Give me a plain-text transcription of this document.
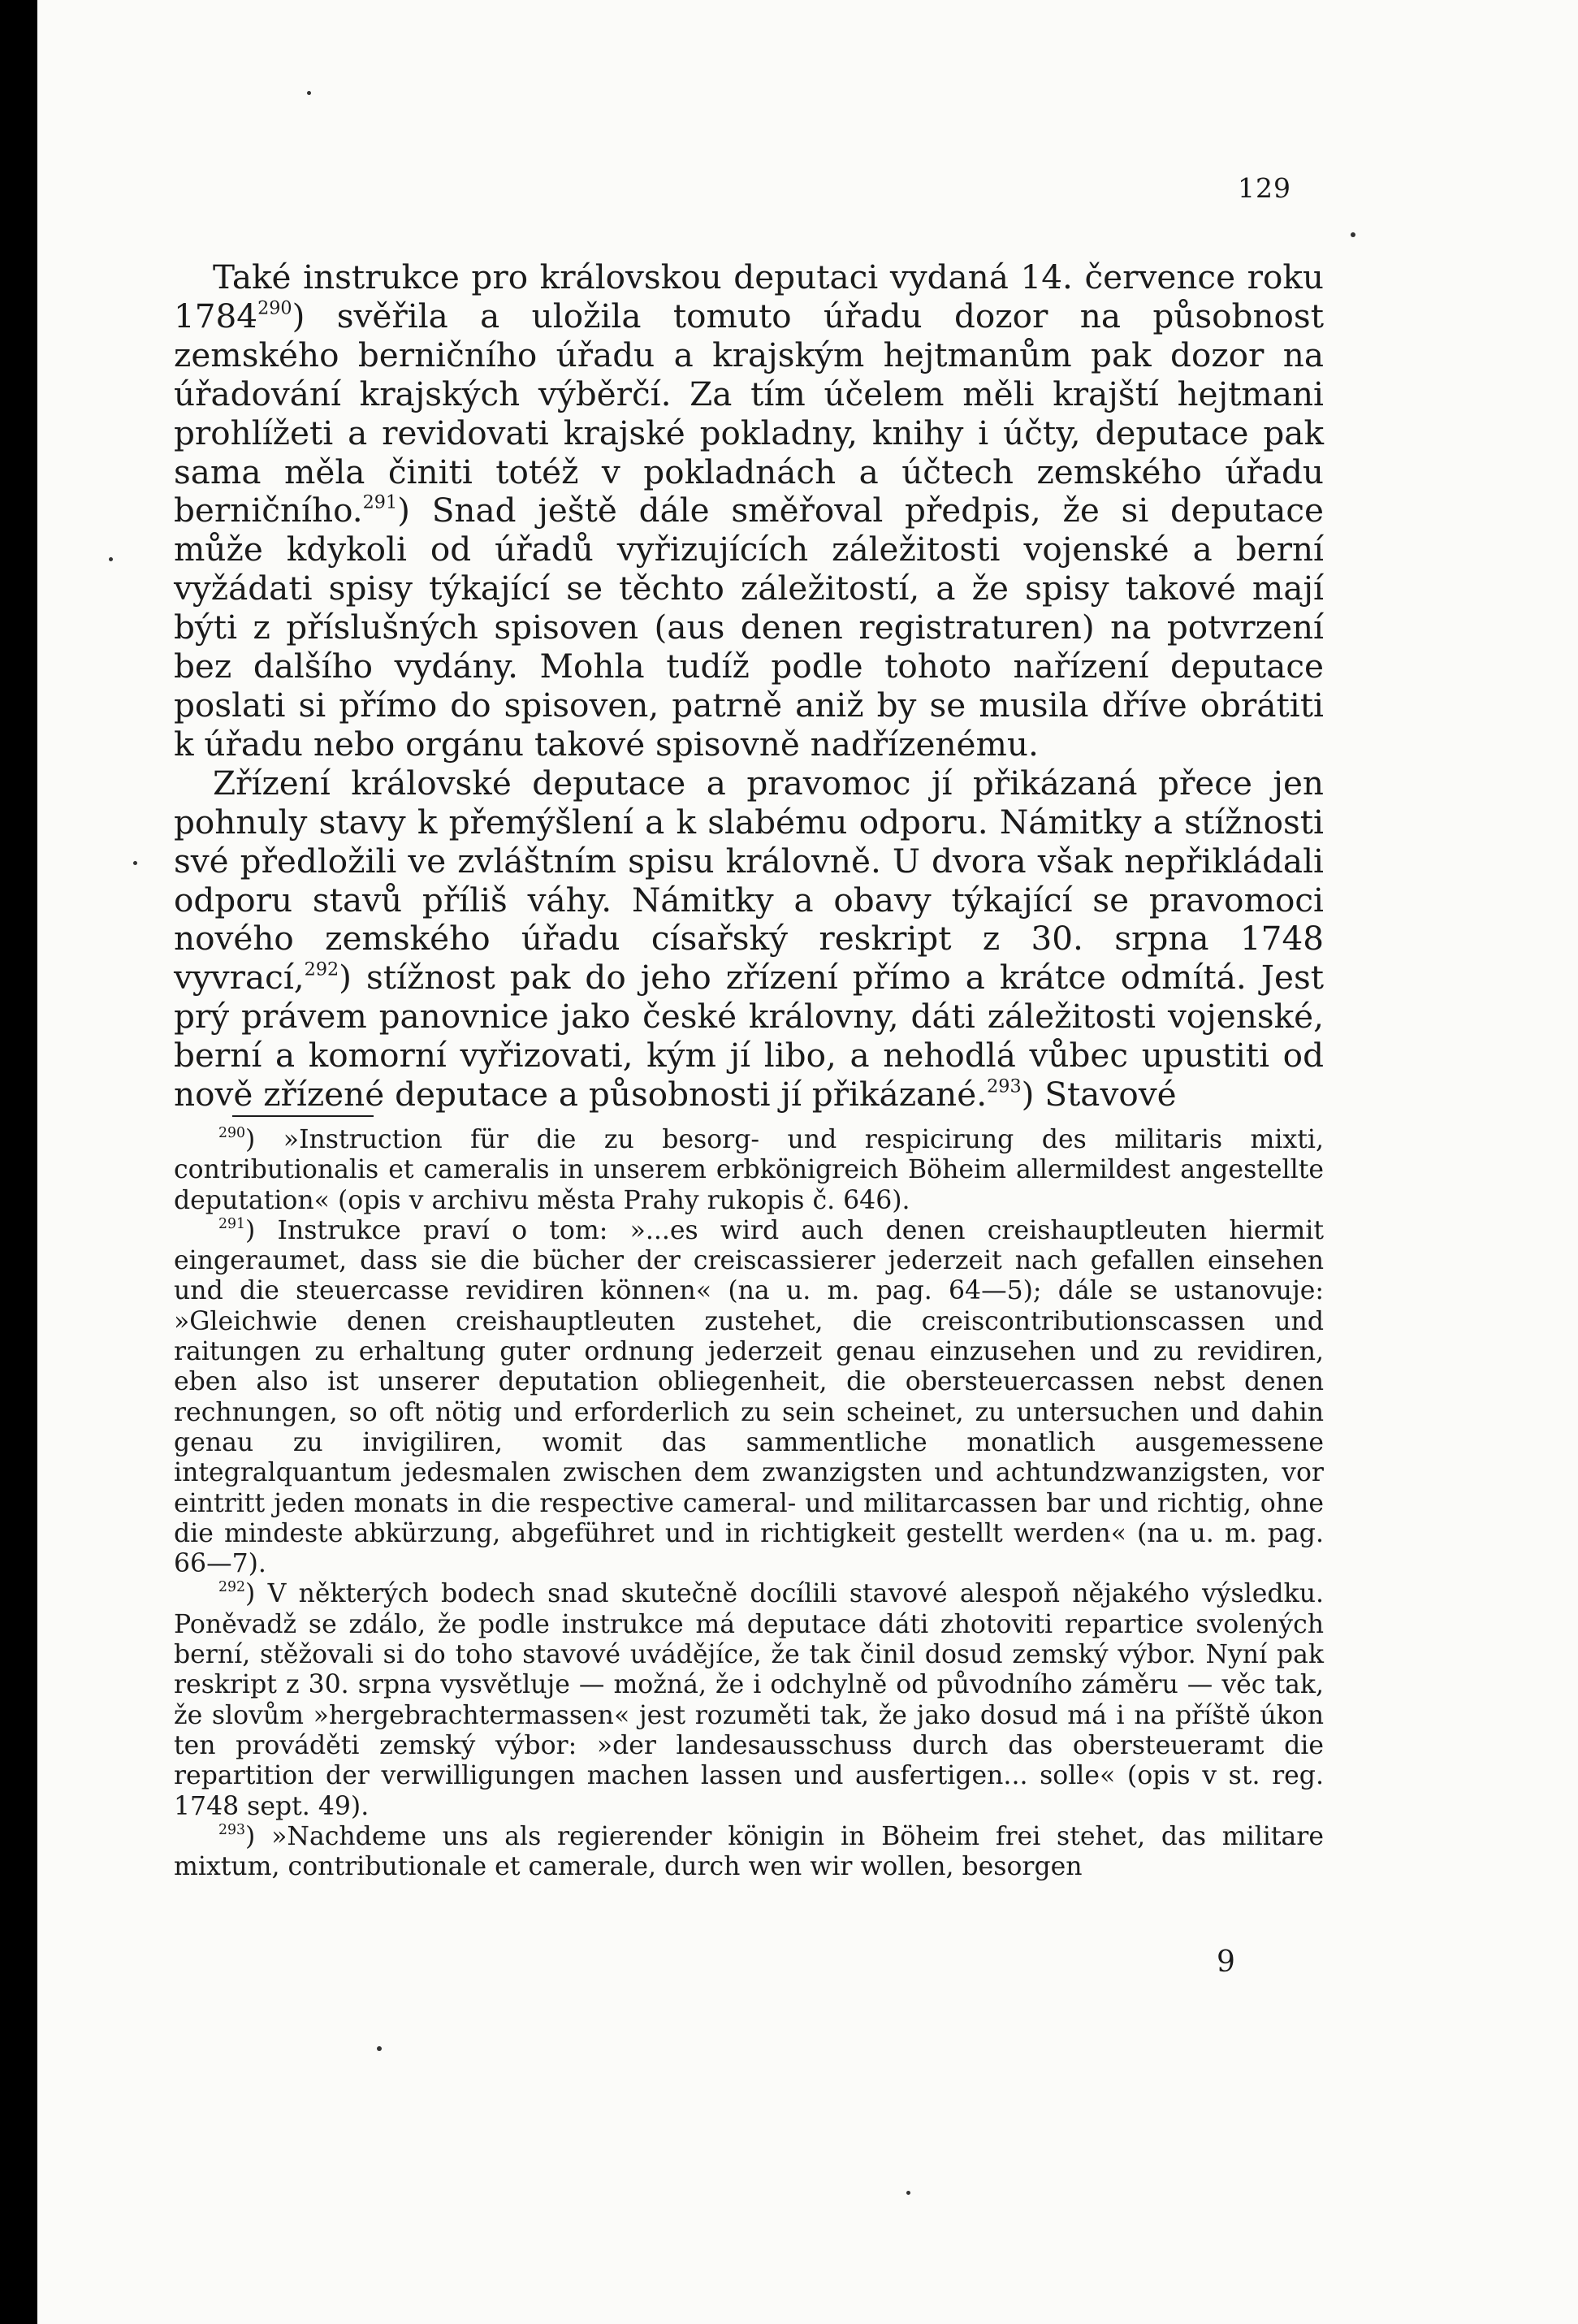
129

Také instrukce pro královskou deputaci vydaná 14. července roku 1784$^{290}$) svěřila a uložila tomuto úřadu dozor na působnost zemského berničního úřadu a krajským hejtmanům pak dozor na úřadování krajských výběrčí. Za tím účelem měli krajští hejtmani prohlížeti a revidovati krajské pokladny, knihy i účty, deputace pak sama měla činiti totéž v pokladnách a účtech zemského úřadu berničního.$^{291}$) Snad ještě dále směřoval předpis, že si deputace může kdykoli od úřadů vyřizujících záležitosti vojenské a berní vyžádati spisy týkající se těchto záležitostí, a že spisy takové mají býti z příslušných spisoven (aus denen registraturen) na potvrzení bez dalšího vydány. Mohla tudíž podle tohoto nařízení deputace poslati si přímo do spisoven, patrně aniž by se musila dříve obrátiti k úřadu nebo orgánu takové spisovně nadřízenému.

Zřízení královské deputace a pravomoc jí přikázaná přece jen pohnuly stavy k přemýšlení a k slabému odporu. Námitky a stížnosti své předložili ve zvláštním spisu královně. U dvora však nepřikládali odporu stavů příliš váhy. Námitky a obavy týkající se pravomoci nového zemského úřadu císařský reskript z 30. srpna 1748 vyvrací,$^{292}$) stížnost pak do jeho zřízení přímo a krátce odmítá. Jest prý právem panovnice jako české královny, dáti záležitosti vojenské, berní a komorní vyřizovati, kým jí libo, a nehodlá vůbec upustiti od nově zřízené deputace a působnosti jí přikázané.$^{293}$) Stavové

$^{290}$) »Instruction für die zu besorg- und respicirung des militaris mixti, contributionalis et cameralis in unserem erbkönigreich Böheim allermildest angestellte deputation« (opis v archivu města Prahy rukopis č. 646).

$^{291}$) Instrukce praví o tom: »...es wird auch denen creishauptleuten hiermit eingeraumet, dass sie die bücher der creiscassierer jederzeit nach gefallen einsehen und die steuercasse revidiren können« (na u. m. pag. 64—5); dále se ustanovuje: »Gleichwie denen creishauptleuten zustehet, die creiscontributionscassen und raitungen zu erhaltung guter ordnung jederzeit genau einzusehen und zu revidiren, eben also ist unserer deputation obliegenheit, die obersteuercassen nebst denen rechnungen, so oft nötig und erforderlich zu sein scheinet, zu untersuchen und dahin genau zu invigiliren, womit das sammentliche monatlich ausgemessene integralquantum jedesmalen zwischen dem zwanzigsten und achtundzwanzigsten, vor eintritt jeden monats in die respective cameral- und militarcassen bar und richtig, ohne die mindeste abkürzung, abgeführet und in richtigkeit gestellt werden« (na u. m. pag. 66—7).

$^{292}$) V některých bodech snad skutečně docílili stavové alespoň nějakého výsledku. Poněvadž se zdálo, že podle instrukce má deputace dáti zhotoviti repartice svolených berní, stěžovali si do toho stavové uvádějíce, že tak činil dosud zemský výbor. Nyní pak reskript z 30. srpna vysvětluje — možná, že i odchylně od původního záměru — věc tak, že slovům »hergebrachtermassen« jest rozuměti tak, že jako dosud má i na příště úkon ten prováděti zemský výbor: »der landesausschuss durch das obersteueramt die repartition der verwilligungen machen lassen und ausfertigen... solle« (opis v st. reg. 1748 sept. 49).

$^{293}$) »Nachdeme uns als regierender königin in Böheim frei stehet, das militare mixtum, contributionale et camerale, durch wen wir wollen, besorgen

9
